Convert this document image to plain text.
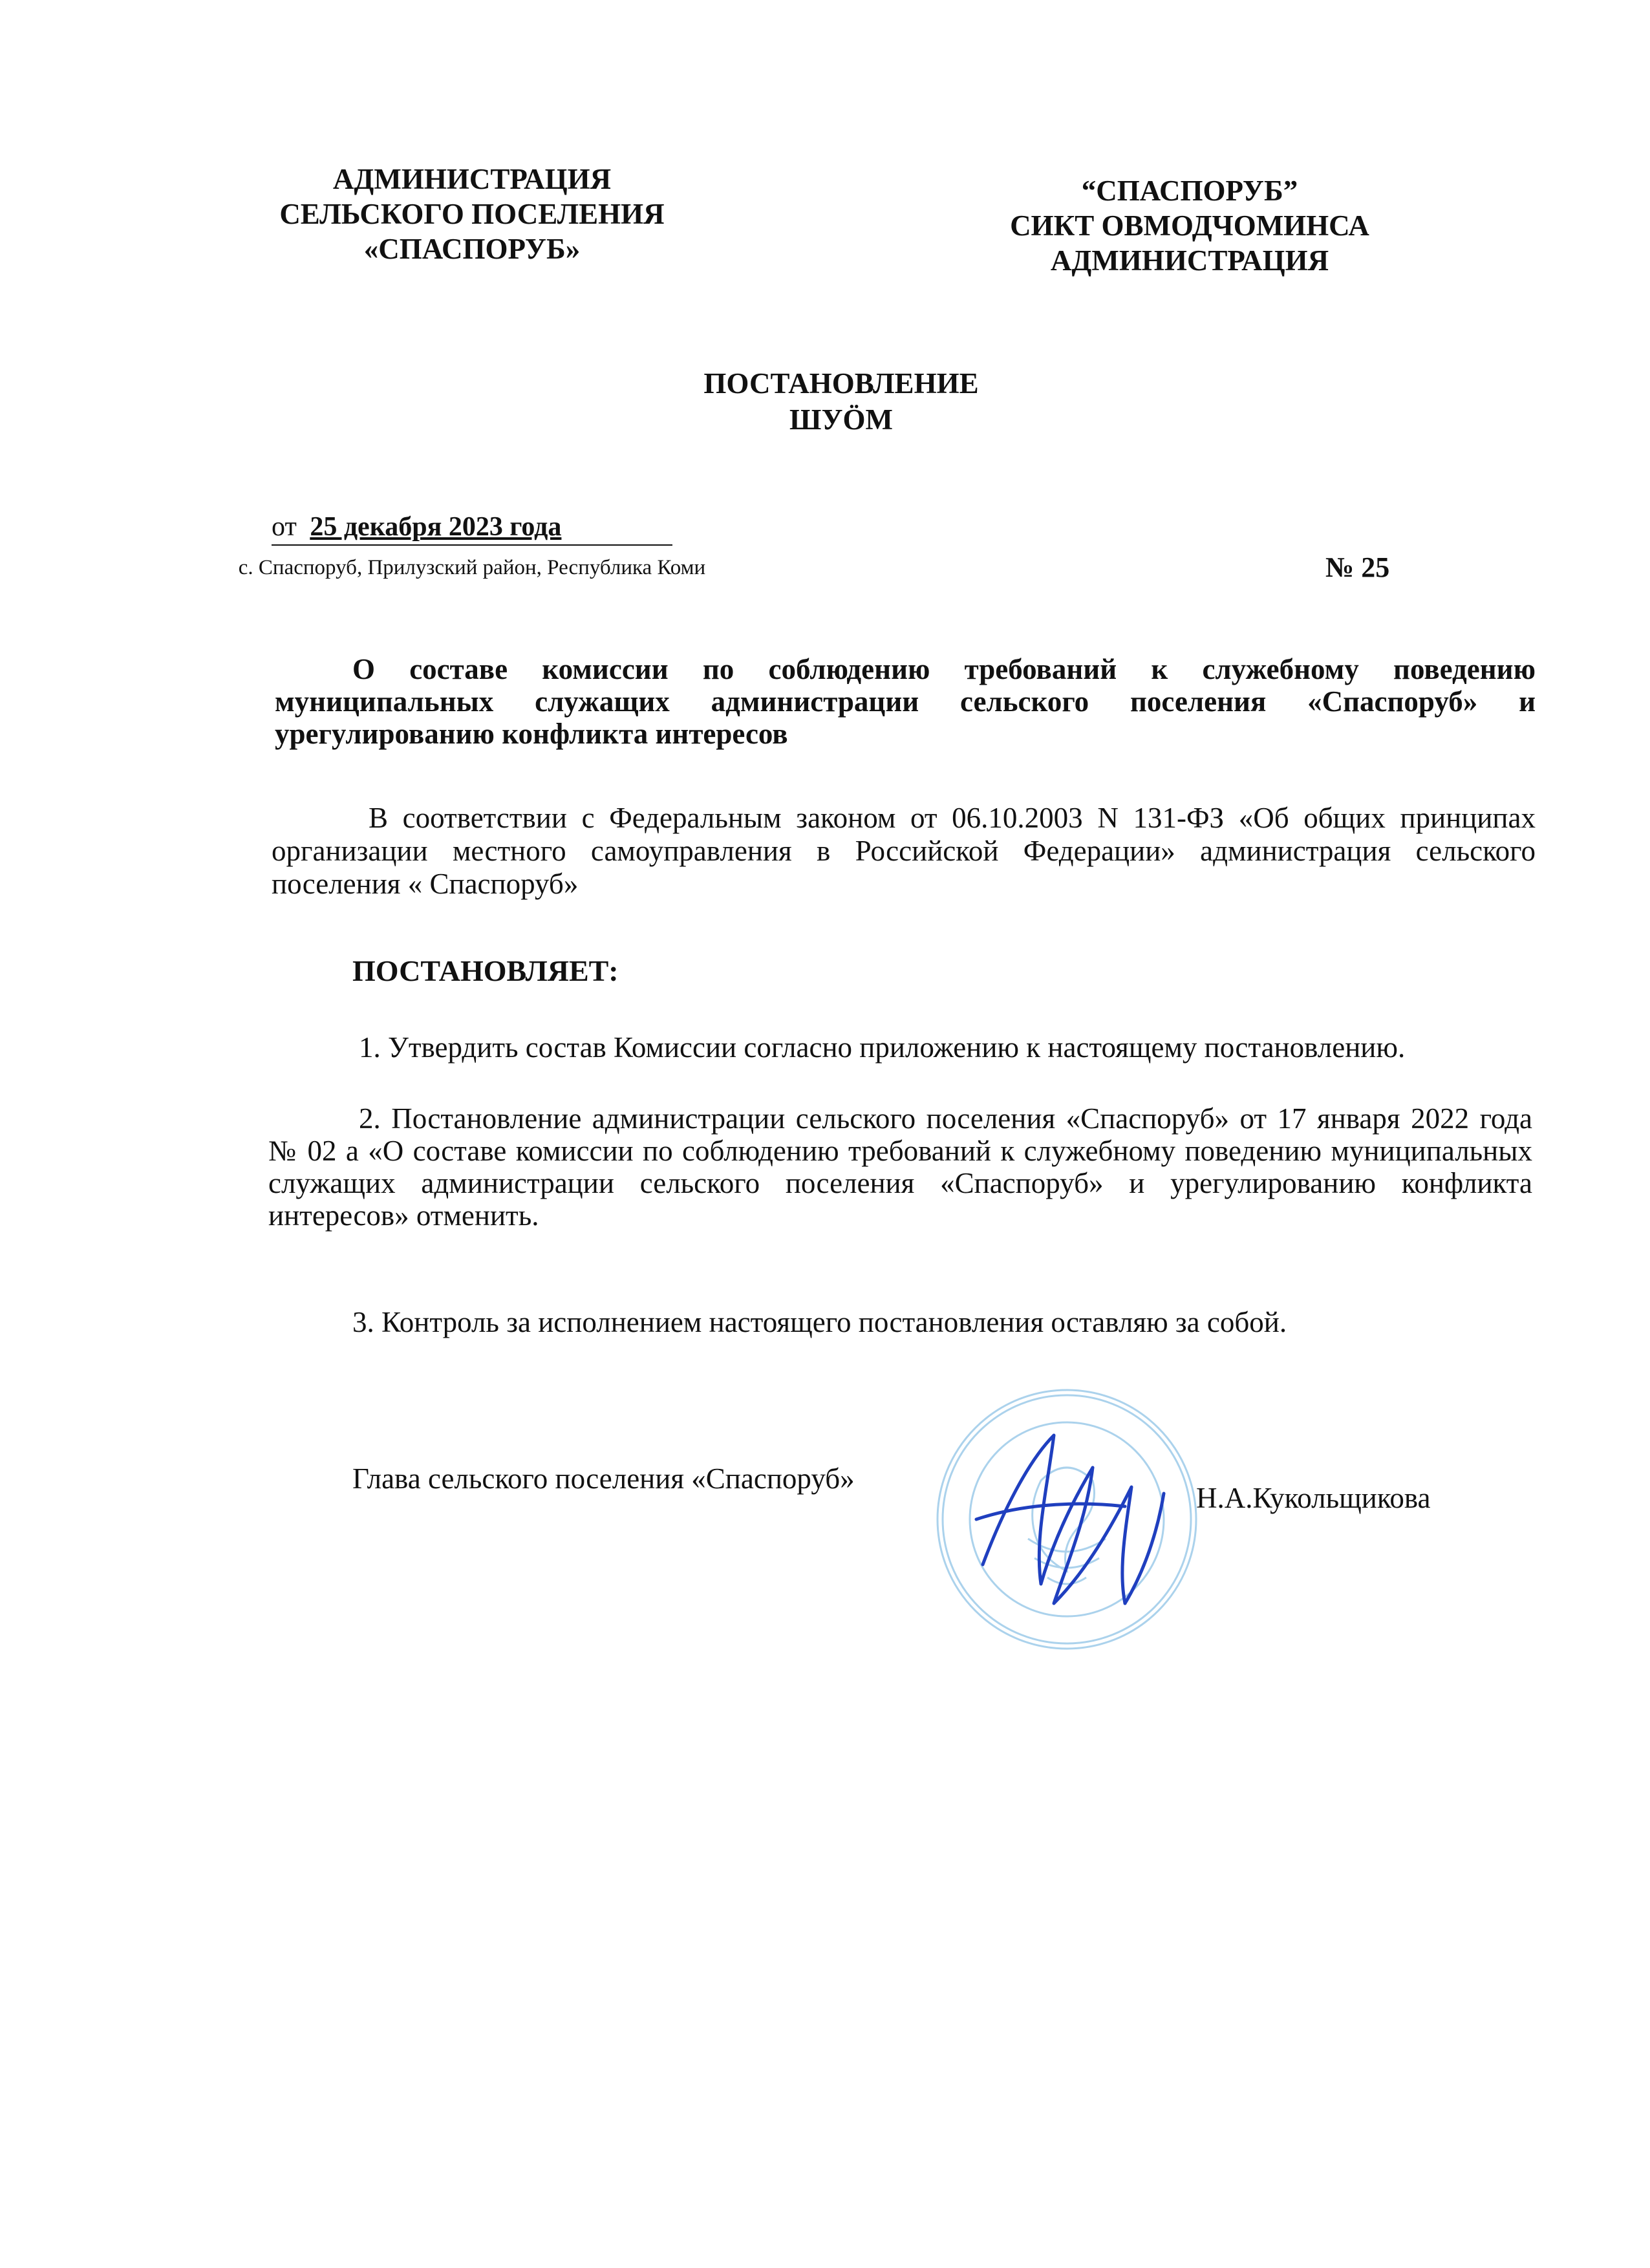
АДМИНИСТРАЦИЯ
СЕЛЬСКОГО ПОСЕЛЕНИЯ
«СПАСПОРУБ»
“СПАСПОРУБ”
СИКТ ОВМОДЧОМИНСА
АДМИНИСТРАЦИЯ
ПОСТАНОВЛЕНИЕ
ШУӦМ
от 25 декабря 2023 года
с. Спаспоруб, Прилузский район, Республика Коми	№ 25
О составе комиссии по соблюдению требований к служебному поведению муниципальных служащих администрации сельского поселения «Спаспоруб» и урегулированию конфликта интересов
В соответствии с Федеральным законом от 06.10.2003 N 131-ФЗ «Об общих принципах организации местного самоуправления в Российской Федерации» администрация сельского поселения « Спаспоруб»
ПОСТАНОВЛЯЕТ:
1. Утвердить состав Комиссии согласно приложению к настоящему постановлению.
2. Постановление администрации сельского поселения «Спаспоруб» от 17 января 2022 года № 02 а «О составе комиссии по соблюдению требований к служебному поведению муниципальных служащих администрации сельского поселения «Спаспоруб» и урегулированию конфликта интересов» отменить.
3. Контроль за исполнением настоящего постановления оставляю за собой.
Глава сельского поселения «Спаспоруб»
Н.А.Кукольщикова
